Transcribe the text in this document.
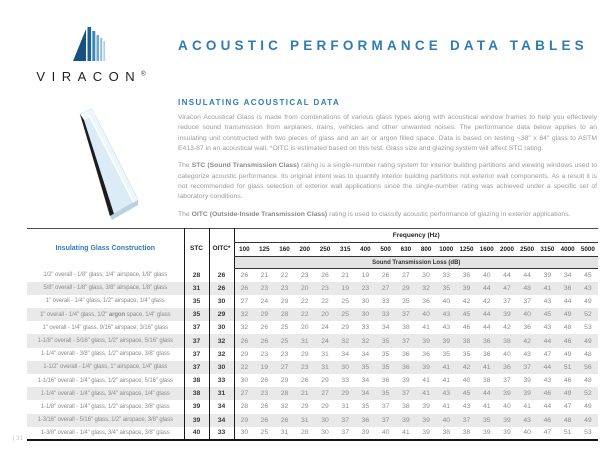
VIRACON®
ACOUSTIC PERFORMANCE DATA TABLES
INSULATING ACOUSTICAL DATA

Viracon Acoustical Glass is made from combinations of various glass types along with acoustical window frames to help you effectively reduce sound transmission from airplanes, trains, vehicles and other unwanted noises. The performance data below applies to an insulating unit constructed with two pieces of glass and an air or argon filled space. Data is based on testing ~38" x 84" glass to ASTM E413-87 in an acoustical wall. *OITC is estimated based on this test. Glass size and glazing system will affect STC rating.

The STC (Sound Transmission Class) rating is a single-number rating system for interior building partitions and viewing windows used to categorize acoustic performance. Its original intent was to quantify interior building partitions not exterior wall components. As a result it is not recommended for glass selection of exterior wall applications since the single-number rating was achieved under a specific set of laboratory conditions.

The OITC (Outside-Inside Transmission Class) rating is used to classify acoustic performance of glazing in exterior applications.

Insulating Glass Construction	STC	OITC*	Frequency (Hz)																	
			100	125	160	200	250	315	400	500	630	800	1000	1250	1600	2000	2500	3150	4000	5000
			Sound Transmission Loss (dB)																	
1/2" overall - 1/8" glass, 1/4" airspace, 1/8" glass	28	26	26	21	22	23	26	21	19	26	27	30	33	36	40	44	44	39	34	45
5/8" overall - 1/8" glass, 3/8" airspace, 1/8" glass	31	26	26	23	23	20	23	19	23	27	29	32	35	39	44	47	48	41	36	43
1" overall - 1/4" glass, 1/2" airspace, 1/4" glass	35	30	27	24	29	22	22	25	30	33	35	36	40	42	42	37	37	43	44	49
1" overall - 1/4" glass, 1/2" argon space, 1/4" glass	35	29	32	29	28	22	20	25	30	33	37	40	43	45	44	39	40	45	49	52
1" overall - 1/4" glass, 9/16" airspace, 3/16" glass	37	30	32	26	25	20	24	29	33	34	38	41	43	46	44	42	36	43	48	53
1-1/8" overall - 5/16" glass, 1/2" airspace, 5/16" glass	37	32	26	26	25	31	24	32	32	35	37	39	39	38	36	38	42	44	46	49
1-1/4" overall - 3/8" glass, 1/2" airspace, 3/8" glass	37	32	29	23	23	29	31	34	34	35	36	36	35	35	36	40	43	47	49	48
1-1/2" overall - 1/4" glass, 1" airspace, 1/4" glass	37	30	22	19	27	23	31	30	35	35	36	39	41	42	41	36	37	44	51	56
1-1/16" overall - 1/4" glass, 1/2" airspace, 5/16" glass	38	33	30	26	29	26	29	33	34	36	39	41	41	40	38	37	39	43	46	48
1-1/4" overall - 1/4" glass, 3/4" airspace, 1/4" glass	38	31	27	23	28	21	27	29	34	35	37	41	43	45	44	39	39	46	49	52
1-1/8" overall - 1/4" glass, 1/2" airspace, 3/8" glass	39	34	28	26	32	29	29	31	35	37	38	39	41	43	41	40	41	44	47	49
1-3/16" overall - 5/16" glass, 1/2" airspace, 3/8" glass	39	34	29	26	26	31	30	37	36	37	39	39	40	37	35	39	43	46	48	49
1-3/8" overall - 1/4" glass, 3/4" airspace, 3/8" glass	40	33	30	25	31	28	30	37	39	40	41	39	38	38	39	39	40	47	51	53
| 31
